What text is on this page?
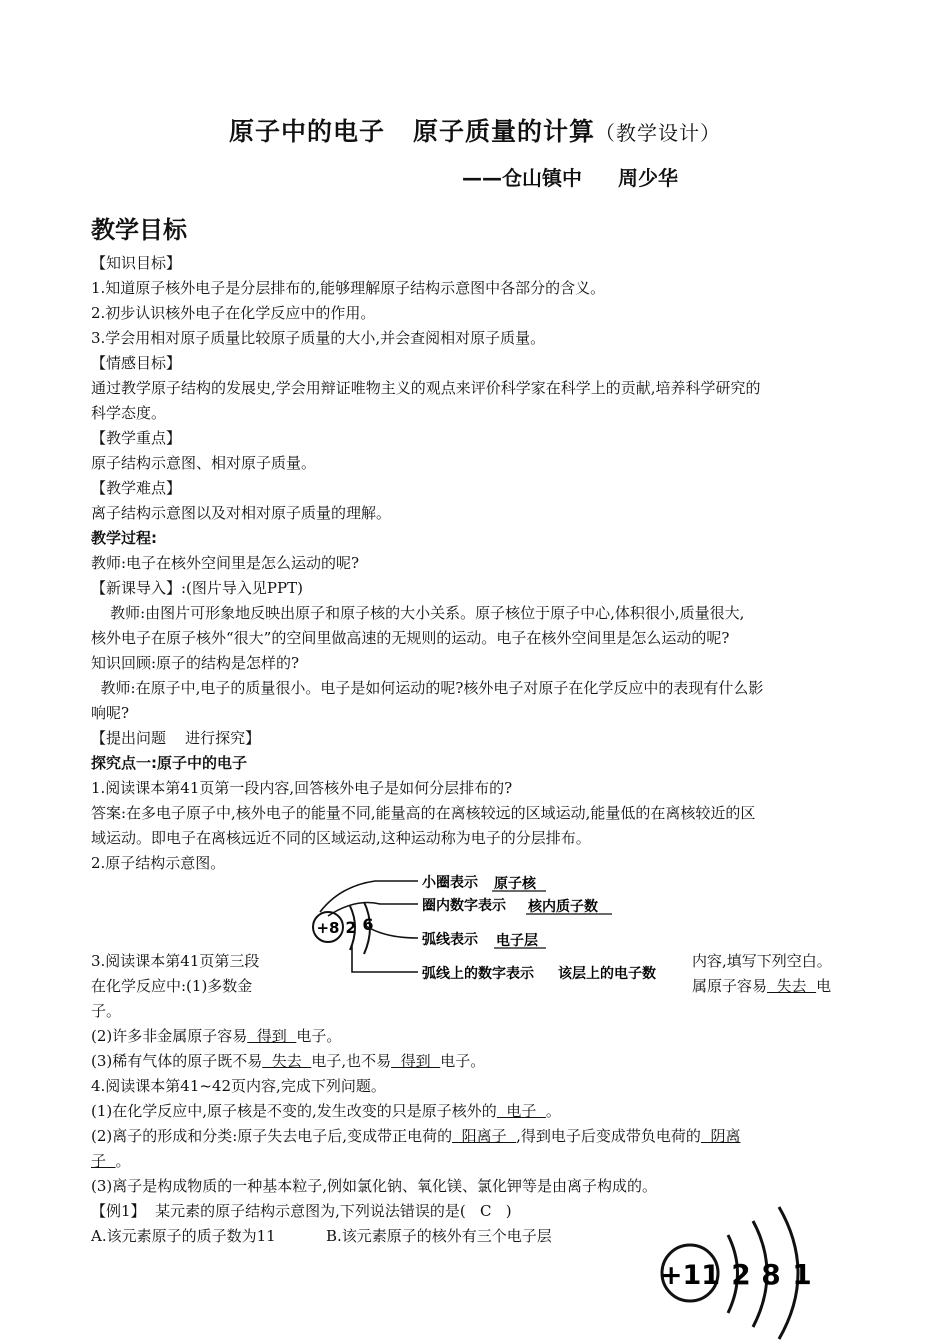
原子中的电子 原子质量的计算（教学设计）
——仓山镇中 周少华
教学目标
【知识目标】
1.知道原子核外电子是分层排布的,能够理解原子结构示意图中各部分的含义。
2.初步认识核外电子在化学反应中的作用。
3.学会用相对原子质量比较原子质量的大小,并会查阅相对原子质量。
【情感目标】
通过教学原子结构的发展史,学会用辩证唯物主义的观点来评价科学家在科学上的贡献,培养科学研究的
科学态度。
【教学重点】
原子结构示意图、相对原子质量。
【教学难点】
离子结构示意图以及对相对原子质量的理解。
教学过程:
教师:电子在核外空间里是怎么运动的呢?
【新课导入】:(图片导入见PPT)
教师:由图片可形象地反映出原子和原子核的大小关系。原子核位于原子中心,体积很小,质量很大,
核外电子在原子核外“很大”的空间里做高速的无规则的运动。电子在核外空间里是怎么运动的呢?
知识回顾:原子的结构是怎样的?
教师:在原子中,电子的质量很小。电子是如何运动的呢?核外电子对原子在化学反应中的表现有什么影
响呢?
【提出问题    进行探究】
探究点一:原子中的电子
1.阅读课本第41页第一段内容,回答核外电子是如何分层排布的?
答案:在多电子原子中,核外电子的能量不同,能量高的在离核较远的区域运动,能量低的在离核较近的区
域运动。即电子在离核远近不同的区域运动,这种运动称为电子的分层排布。
2.原子结构示意图。
+8 2 6
小圈表示 原子核
圈内数字表示 核内质子数
弧线表示 电子层
弧线上的数字表示 该层上的电子数
3.阅读课本第41页第三段	内容,填写下列空白。
在化学反应中:(1)多数金	属原子容易  失去  电
子。
(2)许多非金属原子容易  得到  电子。
(3)稀有气体的原子既不易  失去  电子,也不易  得到  电子。
4.阅读课本第41~42页内容,完成下列问题。
(1)在化学反应中,原子核是不变的,发生改变的只是原子核外的  电子  。
(2)离子的形成和分类:原子失去电子后,变成带正电荷的  阳离子  ,得到电子后变成带负电荷的  阴离
子  。
(3)离子是构成物质的一种基本粒子,例如氯化钠、氧化镁、氯化钾等是由离子构成的。
【例1】  某元素的原子结构示意图为,下列说法错误的是(   C   )
A.该元素原子的质子数为11	B.该元素原子的核外有三个电子层
+11 2 8 1
